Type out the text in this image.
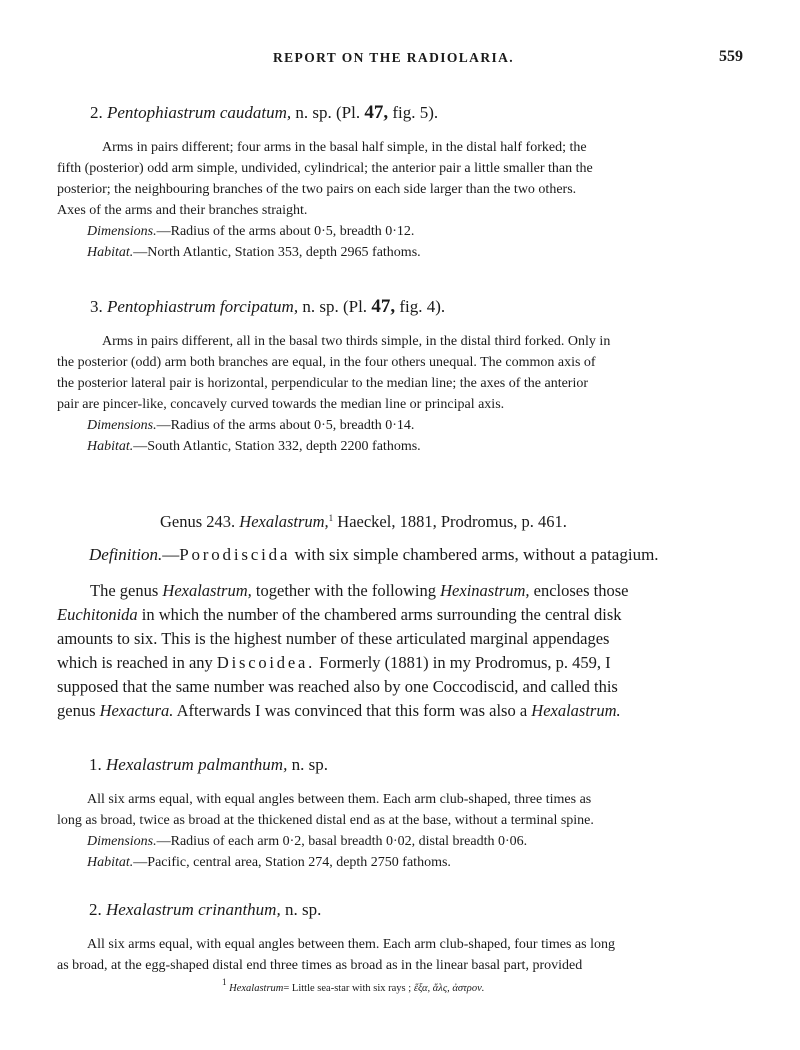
REPORT ON THE RADIOLARIA.	559
2. Pentophiastrum caudatum, n. sp. (Pl. 47, fig. 5).

Arms in pairs different; four arms in the basal half simple, in the distal half forked; the

fifth (posterior) odd arm simple, undivided, cylindrical; the anterior pair a little smaller than the

posterior; the neighbouring branches of the two pairs on each side larger than the two others.

Axes of the arms and their branches straight.

Dimensions.—Radius of the arms about 0·5, breadth 0·12.

Habitat.—North Atlantic, Station 353, depth 2965 fathoms.

3. Pentophiastrum forcipatum, n. sp. (Pl. 47, fig. 4).

Arms in pairs different, all in the basal two thirds simple, in the distal third forked. Only in

the posterior (odd) arm both branches are equal, in the four others unequal. The common axis of

the posterior lateral pair is horizontal, perpendicular to the median line; the axes of the anterior

pair are pincer-like, concavely curved towards the median line or principal axis.

Dimensions.—Radius of the arms about 0·5, breadth 0·14.

Habitat.—South Atlantic, Station 332, depth 2200 fathoms.

Genus 243. Hexalastrum,$^1$ Haeckel, 1881, Prodromus, p. 461.
Definition.—Porodiscida with six simple chambered arms, without a patagium.

The genus Hexalastrum, together with the following Hexinastrum, encloses those

Euchitonida in which the number of the chambered arms surrounding the central disk

amounts to six. This is the highest number of these articulated marginal appendages

which is reached in any Discoidea. Formerly (1881) in my Prodromus, p. 459, I

supposed that the same number was reached also by one Coccodiscid, and called this

genus Hexactura. Afterwards I was convinced that this form was also a Hexalastrum.

1. Hexalastrum palmanthum, n. sp.

All six arms equal, with equal angles between them. Each arm club-shaped, three times as

long as broad, twice as broad at the thickened distal end as at the base, without a terminal spine.

Dimensions.—Radius of each arm 0·2, basal breadth 0·02, distal breadth 0·06.

Habitat.—Pacific, central area, Station 274, depth 2750 fathoms.

2. Hexalastrum crinanthum, n. sp.

All six arms equal, with equal angles between them. Each arm club-shaped, four times as long

as broad, at the egg-shaped distal end three times as broad as in the linear basal part, provided

$^1$ Hexalastrum= Little sea-star with six rays ; ἕξα, ἅλς, ἀστρον.
